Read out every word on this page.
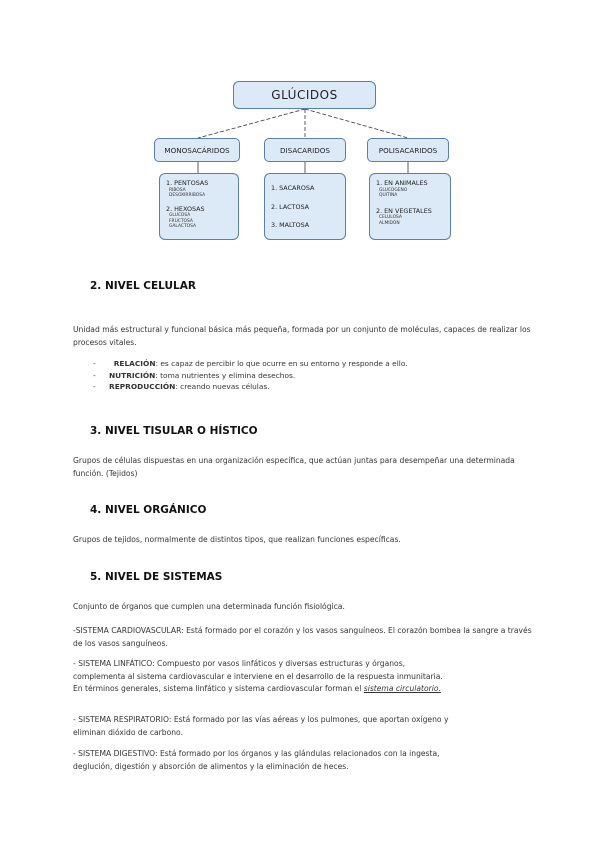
GLÚCIDOS
MONOSACÁRIDOS	DISACARIDOS	POLISACARIDOS
1. PENTOSAS
RIBOSA
DESOXIRRIBOSA
2. HEXOSAS
GLUCOSA
FRUCTOSA
GALACTOSA
1. SACAROSA
2. LACTOSA
3. MALTOSA
1. EN ANIMALES
GLUCOGENO
QUITINA
2. EN VEGETALES
CELULOSA
ALMIDÓN
2. NIVEL CELULAR

Unidad más estructural y funcional básica más pequeña, formada por un conjunto de moléculas, capaces de realizar los procesos vitales.

- RELACIÓN: es capaz de percibir lo que ocurre en su entorno y responde a ello.
- NUTRICIÓN: toma nutrientes y elimina desechos.
- REPRODUCCIÓN: creando nuevas células.
3. NIVEL TISULAR O HÍSTICO

Grupos de células dispuestas en una organización específica, que actúan juntas para desempeñar una determinada función. (Tejidos)

4. NIVEL ORGÁNICO

Grupos de tejidos, normalmente de distintos tipos, que realizan funciones específicas.

5. NIVEL DE SISTEMAS

Conjunto de órganos que cumplen una determinada función fisiológica.

-SISTEMA CARDIOVASCULAR: Está formado por el corazón y los vasos sanguíneos. El corazón bombea la sangre a través de los vasos sanguíneos.

- SISTEMA LINFÁTICO: Compuesto por vasos linfáticos y diversas estructuras y órganos, complementa al sistema cardiovascular e interviene en el desarrollo de la respuesta inmunitaria. En términos generales, sistema linfático y sistema cardiovascular forman el sistema circulatorio.

- SISTEMA RESPIRATORIO: Está formado por las vías aéreas y los pulmones, que aportan oxígeno y eliminan dióxido de carbono.

- SISTEMA DIGESTIVO: Está formado por los órganos y las glándulas relacionados con la ingesta, deglución, digestión y absorción de alimentos y la eliminación de heces.
